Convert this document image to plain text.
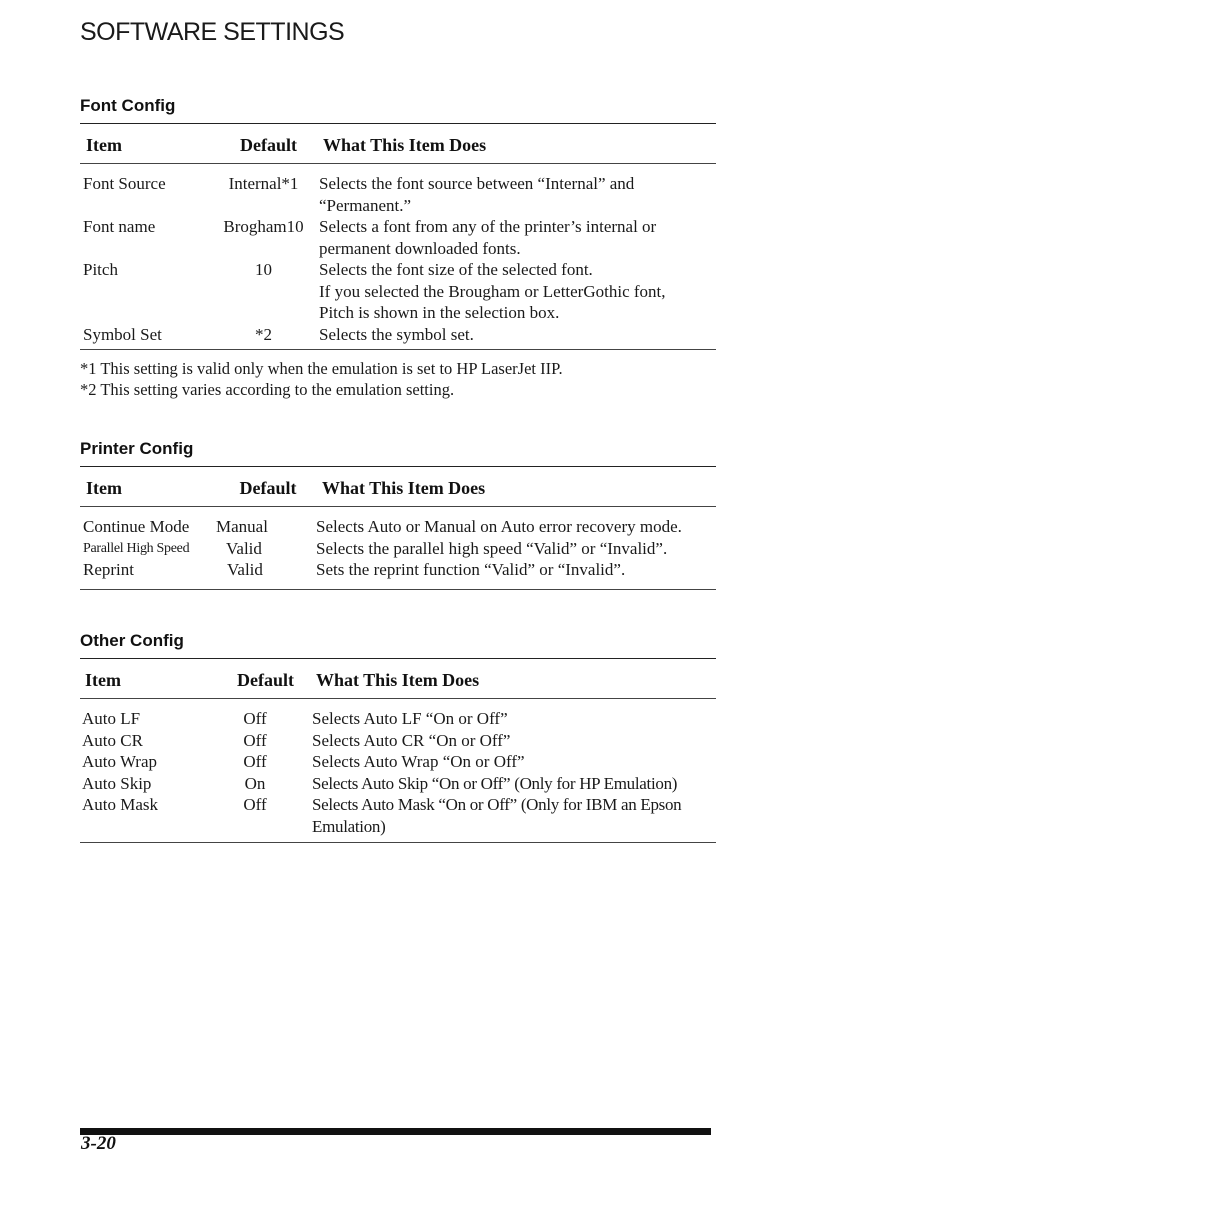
SOFTWARE SETTINGS
Font Config
Item	Default	What This Item Does
Font Source	Internal*1	Selects the font source between “Internal” and
“Permanent.”
Font name	Brogham10 Selects a font from any of the printer’s internal or
permanent downloaded fonts.
Pitch	10	Selects the font size of the selected font.
If you selected the Brougham or LetterGothic font,
Pitch is shown in the selection box.
Symbol Set	*2	Selects the symbol set.
*1 This setting is valid only when the emulation is set to HP LaserJet IIP.
*2 This setting varies according to the emulation setting.
Printer Config
Item	Default	What This Item Does
Continue Mode	Manual	Selects Auto or Manual on Auto error recovery mode.
Parallel High Speed	Valid	Selects the parallel high speed “Valid” or “Invalid”.
Reprint	Valid	Sets the reprint function “Valid” or “Invalid”.
Other Config
Item	Default	What This Item Does
Auto LF	Off	Selects Auto LF “On or Off”
Auto CR	Off	Selects Auto CR “On or Off”
Auto Wrap	Off	Selects Auto Wrap “On or Off”
Auto Skip	On	Selects Auto Skip “On or Off” (Only for HP Emulation)
Auto Mask	Off	Selects Auto Mask “On or Off” (Only for IBM an Epson
Emulation)
3-20
